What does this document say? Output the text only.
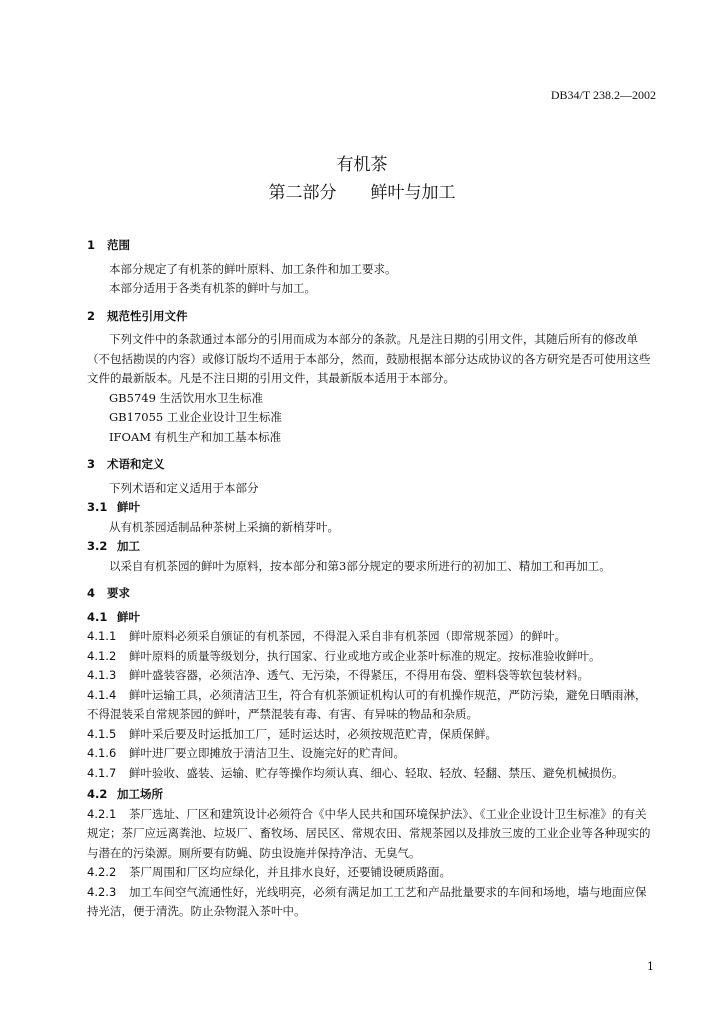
DB34/T 238.2—2002
有机茶
第二部分 鲜叶与加工
1 范围

本部分规定了有机茶的鲜叶原料、加工条件和加工要求。

本部分适用于各类有机茶的鲜叶与加工。

2 规范性引用文件

下列文件中的条款通过本部分的引用而成为本部分的条款。凡是注日期的引用文件，其随后所有的修改单（不包括勘误的内容）或修订版均不适用于本部分，然而，鼓励根据本部分达成协议的各方研究是否可使用这些文件的最新版本。凡是不注日期的引用文件，其最新版本适用于本部分。

GB5749 生活饮用水卫生标准

GB17055 工业企业设计卫生标准

IFOAM 有机生产和加工基本标准

3 术语和定义

下列术语和定义适用于本部分

3.1 鲜叶

从有机茶园适制品种茶树上采摘的新梢芽叶。

3.2 加工

以采自有机茶园的鲜叶为原料，按本部分和第3部分规定的要求所进行的初加工、精加工和再加工。

4 要求
4.1 鲜叶

4.1.1 鲜叶原料必须采自颁证的有机茶园，不得混入采自非有机茶园（即常规茶园）的鲜叶。

4.1.2 鲜叶原料的质量等级划分，执行国家、行业或地方或企业茶叶标准的规定。按标准验收鲜叶。

4.1.3 鲜叶盛装容器，必须洁净、透气、无污染，不得紧压，不得用布袋、塑料袋等软包装材料。

4.1.4 鲜叶运输工具，必须清洁卫生，符合有机茶颁证机构认可的有机操作规范，严防污染，避免日晒雨淋，不得混装采自常规茶园的鲜叶，严禁混装有毒、有害、有异味的物品和杂质。

4.1.5 鲜叶采后要及时运抵加工厂，延时运达时，必须按规范贮青，保质保鲜。

4.1.6 鲜叶进厂要立即摊放于清洁卫生、设施完好的贮青间。

4.1.7 鲜叶验收、盛装、运输、贮存等操作均须认真、细心、轻取、轻放、轻翻、禁压、避免机械损伤。

4.2 加工场所

4.2.1 茶厂选址、厂区和建筑设计必须符合《中华人民共和国环境保护法》、《工业企业设计卫生标准》的有关规定；茶厂应远离粪池、垃圾厂、畜牧场、居民区、常规农田、常规茶园以及排放三废的工业企业等各种现实的与潜在的污染源。厕所要有防蝇、防虫设施并保持净洁、无臭气。

4.2.2 茶厂周围和厂区均应绿化，并且排水良好，还要铺设硬质路面。

4.2.3 加工车间空气流通性好，光线明亮，必须有满足加工工艺和产品批量要求的车间和场地，墙与地面应保持光洁，便于清洗。防止杂物混入茶叶中。

1
